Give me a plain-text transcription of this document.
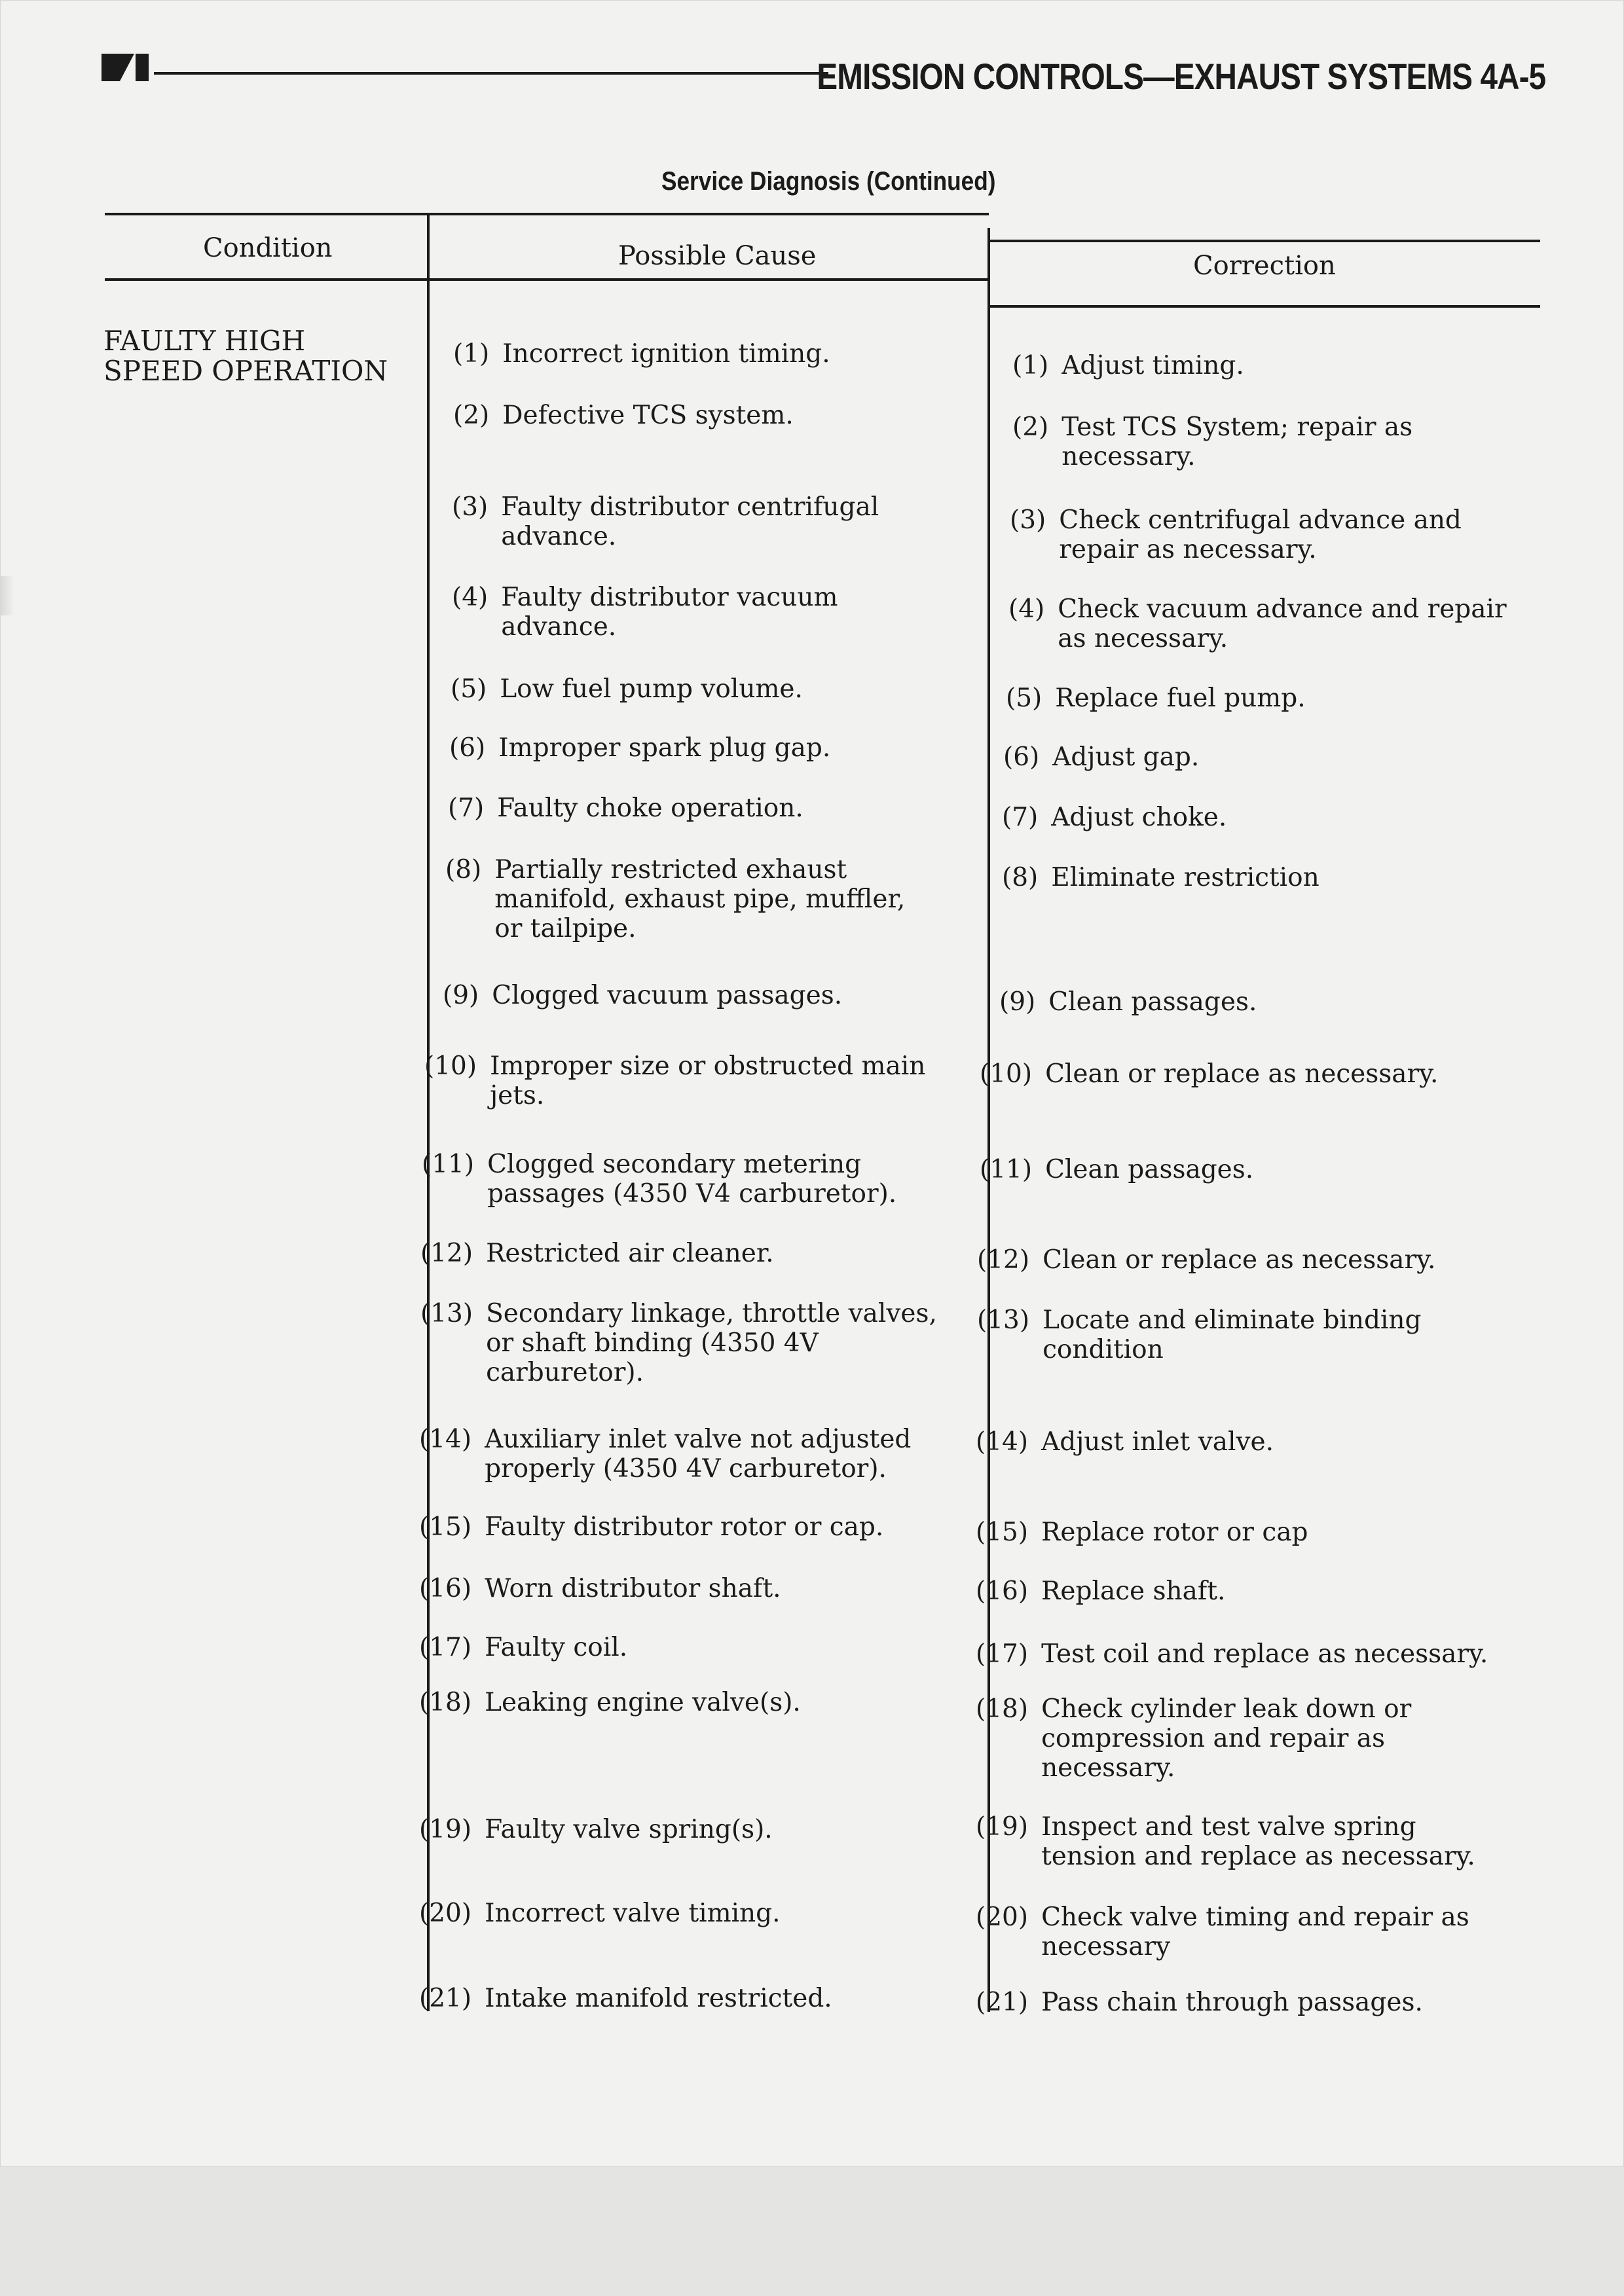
EMISSION CONTROLS—EXHAUST SYSTEMS 4A-5
Service Diagnosis (Continued)
Condition	Possible Cause	Correction
FAULTY HIGH
SPEED OPERATION
(1) Incorrect ignition timing.
(2) Defective TCS system.
(3) Faulty distributor centrifugal
advance.
(4) Faulty distributor vacuum
advance.
(5) Low fuel pump volume.
(6) Improper spark plug gap.
(7) Faulty choke operation.
(8) Partially restricted exhaust
manifold, exhaust pipe, muffler,
or tailpipe.
(9) Clogged vacuum passages.
(10) Improper size or obstructed main
jets.
(11) Clogged secondary metering
passages (4350 V4 carburetor).
(12) Restricted air cleaner.
(13) Secondary linkage, throttle valves,
or shaft binding (4350 4V
carburetor).
(14) Auxiliary inlet valve not adjusted
properly (4350 4V carburetor).
(15) Faulty distributor rotor or cap.
(16) Worn distributor shaft.
(17) Faulty coil.
(18) Leaking engine valve(s).
(19) Faulty valve spring(s).
(20) Incorrect valve timing.
(21) Intake manifold restricted.
(1) Adjust timing.
(2) Test TCS System; repair as
necessary.
(3) Check centrifugal advance and
repair as necessary.
(4) Check vacuum advance and repair
as necessary.
(5) Replace fuel pump.
(6) Adjust gap.
(7) Adjust choke.
(8) Eliminate restriction
(9) Clean passages.
(10) Clean or replace as necessary.
(11) Clean passages.
(12) Clean or replace as necessary.
(13) Locate and eliminate binding
condition
(14) Adjust inlet valve.
(15) Replace rotor or cap
(16) Replace shaft.
(17) Test coil and replace as necessary.
(18) Check cylinder leak down or
compression and repair as
necessary.
(19) Inspect and test valve spring
tension and replace as necessary.
(20) Check valve timing and repair as
necessary
(21) Pass chain through passages.
